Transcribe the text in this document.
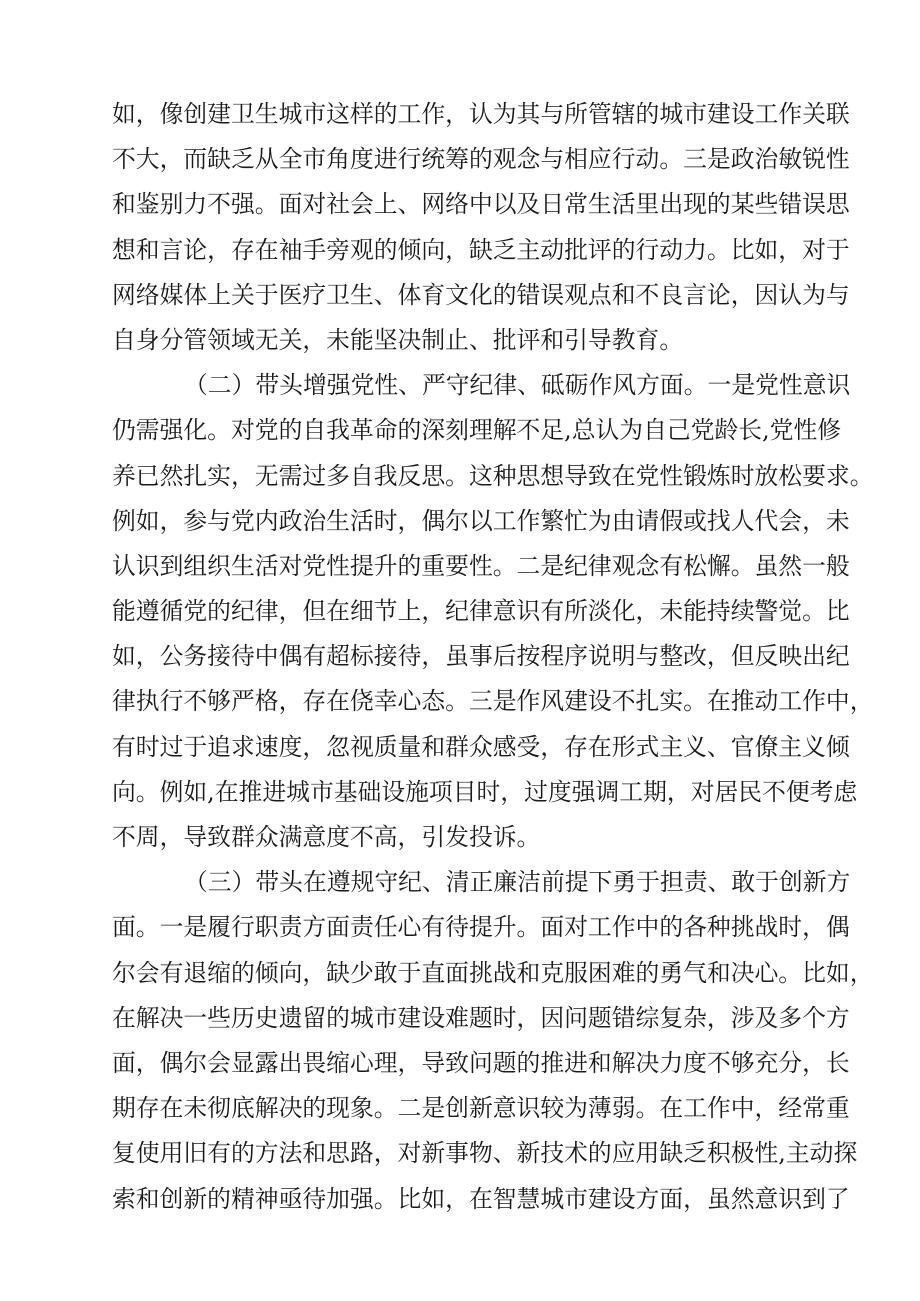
如，像创建卫生城市这样的工作，认为其与所管辖的城市建设工作关联
不大，而缺乏从全市角度进行统筹的观念与相应行动。三是政治敏锐性
和鉴别力不强。面对社会上、网络中以及日常生活里出现的某些错误思
想和言论，存在袖手旁观的倾向，缺乏主动批评的行动力。比如，对于
网络媒体上关于医疗卫生、体育文化的错误观点和不良言论，因认为与
自身分管领域无关，未能坚决制止、批评和引导教育。
（二）带头增强党性、严守纪律、砥砺作风方面。一是党性意识
仍需强化。对党的自我革命的深刻理解不足,总认为自己党龄长,党性修
养已然扎实，无需过多自我反思。这种思想导致在党性锻炼时放松要求。
例如，参与党内政治生活时，偶尔以工作繁忙为由请假或找人代会，未
认识到组织生活对党性提升的重要性。二是纪律观念有松懈。虽然一般
能遵循党的纪律，但在细节上，纪律意识有所淡化，未能持续警觉。比
如，公务接待中偶有超标接待，虽事后按程序说明与整改，但反映出纪
律执行不够严格，存在侥幸心态。三是作风建设不扎实。在推动工作中，
有时过于追求速度，忽视质量和群众感受，存在形式主义、官僚主义倾
向。例如,在推进城市基础设施项目时，过度强调工期，对居民不便考虑
不周，导致群众满意度不高，引发投诉。
（三）带头在遵规守纪、清正廉洁前提下勇于担责、敢于创新方
面。一是履行职责方面责任心有待提升。面对工作中的各种挑战时，偶
尔会有退缩的倾向，缺少敢于直面挑战和克服困难的勇气和决心。比如，
在解决一些历史遗留的城市建设难题时，因问题错综复杂，涉及多个方
面，偶尔会显露出畏缩心理，导致问题的推进和解决力度不够充分，长
期存在未彻底解决的现象。二是创新意识较为薄弱。在工作中，经常重
复使用旧有的方法和思路，对新事物、新技术的应用缺乏积极性,主动探
索和创新的精神亟待加强。比如，在智慧城市建设方面，虽然意识到了
